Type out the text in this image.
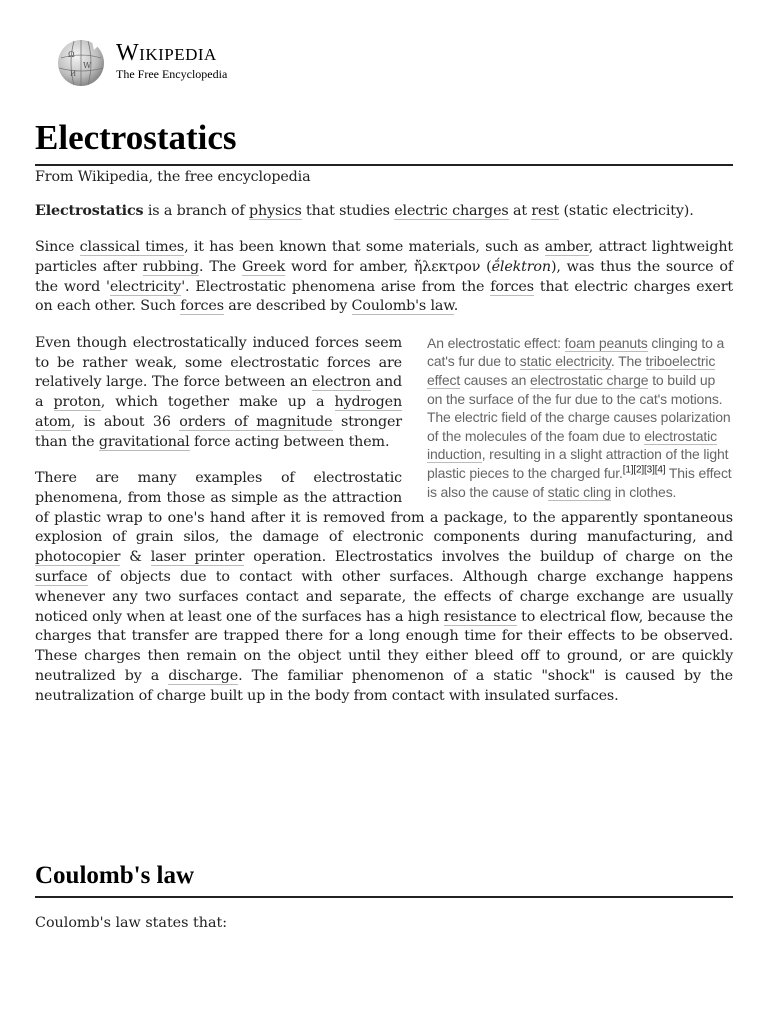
Ω
W
И
Wikipedia
The Free Encyclopedia
Electrostatics
From Wikipedia, the free encyclopedia

Electrostatics is a branch of physics that studies electric charges at rest (static electricity).

Since classical times, it has been known that some materials, such as amber, attract lightweight particles after rubbing. The Greek word for amber, ἤλεκτρον (ḗlektron), was thus the source of the word 'electricity'. Electrostatic phenomena arise from the forces that electric charges exert on each other. Such forces are described by Coulomb's law.

An electrostatic effect: foam peanuts clinging to a cat's fur due to static electricity. The triboelectric effect causes an electrostatic charge to build up on the surface of the fur due to the cat's motions. The electric field of the charge causes polarization of the molecules of the foam due to electrostatic induction, resulting in a slight attraction of the light plastic pieces to the charged fur.[1][2][3][4] This effect is also the cause of static cling in clothes.

Even though electrostatically induced forces seem to be rather weak, some electrostatic forces are relatively large. The force between an electron and a proton, which together make up a hydrogen atom, is about 36 orders of magnitude stronger than the gravitational force acting between them.

There are many examples of electrostatic phenomena, from those as simple as the attraction of plastic wrap to one's hand after it is removed from a package, to the apparently spontaneous explosion of grain silos, the damage of electronic components during manufacturing, and photocopier & laser printer operation. Electrostatics involves the buildup of charge on the surface of objects due to contact with other surfaces. Although charge exchange happens whenever any two surfaces contact and separate, the effects of charge exchange are usually noticed only when at least one of the surfaces has a high resistance to electrical flow, because the charges that transfer are trapped there for a long enough time for their effects to be observed. These charges then remain on the object until they either bleed off to ground, or are quickly neutralized by a discharge. The familiar phenomenon of a static "shock" is caused by the neutralization of charge built up in the body from contact with insulated surfaces.

Coulomb's law

Coulomb's law states that:
